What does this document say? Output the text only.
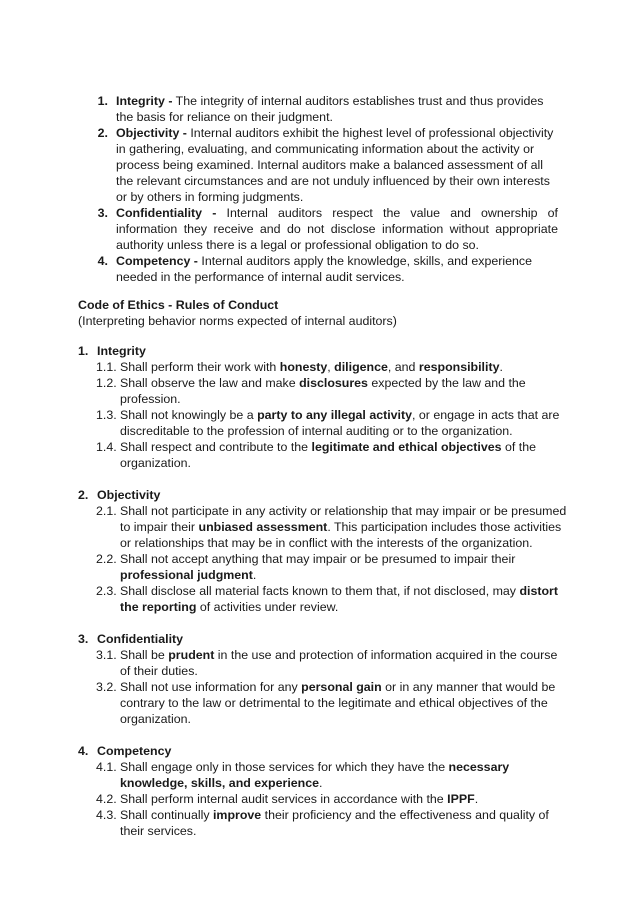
1. Integrity - The integrity of internal auditors establishes trust and thus provides the basis for reliance on their judgment.
2. Objectivity - Internal auditors exhibit the highest level of professional objectivity in gathering, evaluating, and communicating information about the activity or process being examined. Internal auditors make a balanced assessment of all the relevant circumstances and are not unduly influenced by their own interests or by others in forming judgments.
3. Confidentiality - Internal auditors respect the value and ownership of information they receive and do not disclose information without appropriate authority unless there is a legal or professional obligation to do so.
4. Competency - Internal auditors apply the knowledge, skills, and experience needed in the performance of internal audit services.
Code of Ethics - Rules of Conduct
(Interpreting behavior norms expected of internal auditors)
1. Integrity
1.1. Shall perform their work with honesty, diligence, and responsibility.
1.2. Shall observe the law and make disclosures expected by the law and the profession.
1.3. Shall not knowingly be a party to any illegal activity, or engage in acts that are discreditable to the profession of internal auditing or to the organization.
1.4. Shall respect and contribute to the legitimate and ethical objectives of the organization.
2. Objectivity
2.1. Shall not participate in any activity or relationship that may impair or be presumed to impair their unbiased assessment. This participation includes those activities or relationships that may be in conflict with the interests of the organization.
2.2. Shall not accept anything that may impair or be presumed to impair their professional judgment.
2.3. Shall disclose all material facts known to them that, if not disclosed, may distort the reporting of activities under review.
3. Confidentiality
3.1. Shall be prudent in the use and protection of information acquired in the course of their duties.
3.2. Shall not use information for any personal gain or in any manner that would be contrary to the law or detrimental to the legitimate and ethical objectives of the organization.
4. Competency
4.1. Shall engage only in those services for which they have the necessary knowledge, skills, and experience.
4.2. Shall perform internal audit services in accordance with the IPPF.
4.3. Shall continually improve their proficiency and the effectiveness and quality of their services.
